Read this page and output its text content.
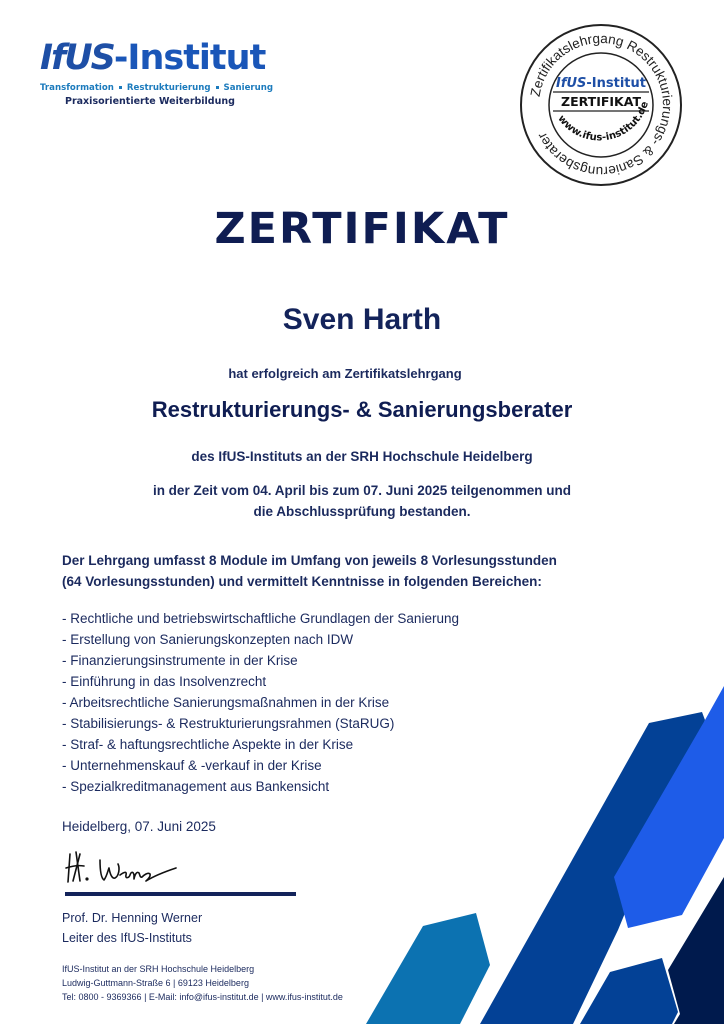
IfUS-Institut
Transformation Restrukturierung Sanierung
Praxisorientierte Weiterbildung
Zertifikatslehrgang Restrukturierungs- & Sanierungsberater
IfUS-Institut
ZERTIFIKAT
www.ifus-institut.de
ZERTIFIKAT
Sven Harth
hat erfolgreich am Zertifikatslehrgang
Restrukturierungs- & Sanierungsberater
des IfUS-Instituts an der SRH Hochschule Heidelberg
in der Zeit vom 04. April bis zum 07. Juni 2025 teilgenommen und
die Abschlussprüfung bestanden.
Der Lehrgang umfasst 8 Module im Umfang von jeweils 8 Vorlesungsstunden
(64 Vorlesungsstunden) und vermittelt Kenntnisse in folgenden Bereichen:
- Rechtliche und betriebswirtschaftliche Grundlagen der Sanierung
- Erstellung von Sanierungskonzepten nach IDW
- Finanzierungsinstrumente in der Krise
- Einführung in das Insolvenzrecht
- Arbeitsrechtliche Sanierungsmaßnahmen in der Krise
- Stabilisierungs- & Restrukturierungsrahmen (StaRUG)
- Straf- & haftungsrechtliche Aspekte in der Krise
- Unternehmenskauf & -verkauf in der Krise
- Spezialkreditmanagement aus Bankensicht
Heidelberg, 07. Juni 2025
Prof. Dr. Henning Werner
Leiter des IfUS-Instituts
IfUS-Institut an der SRH Hochschule Heidelberg
Ludwig-Guttmann-Straße 6 | 69123 Heidelberg
Tel: 0800 - 9369366 | E-Mail: info@ifus-institut.de | www.ifus-institut.de
